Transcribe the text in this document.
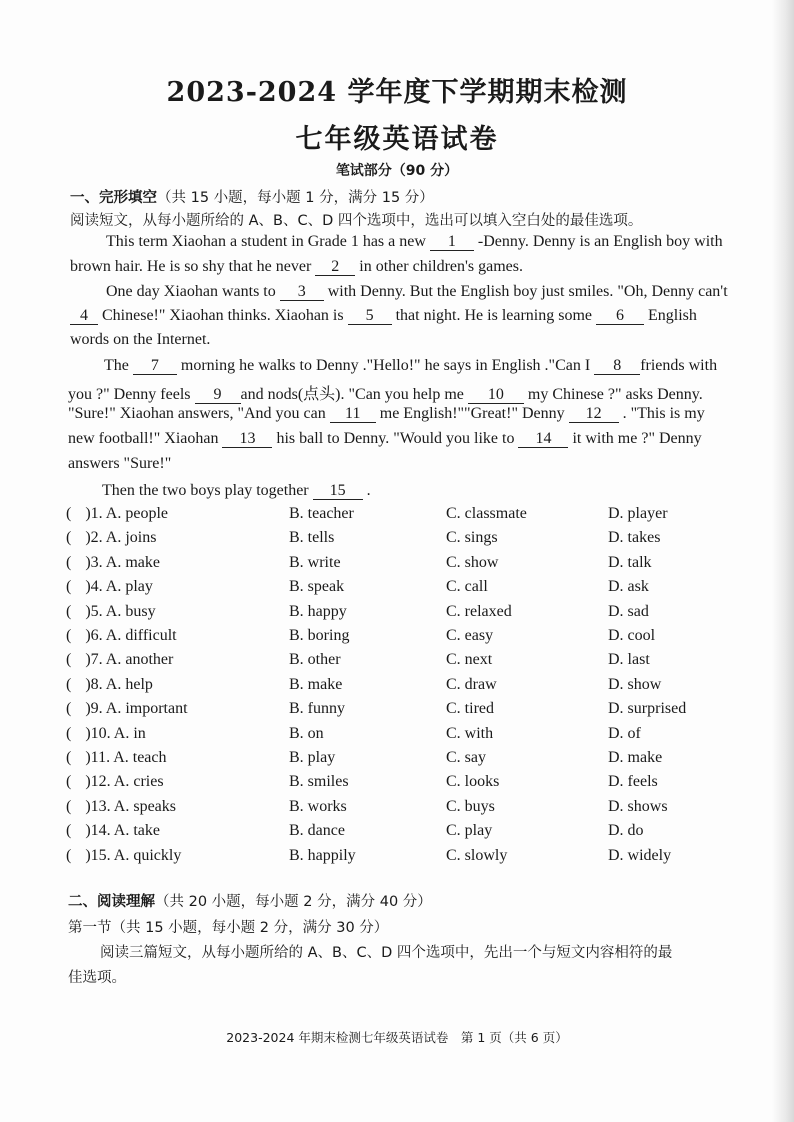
2023-2024 学年度下学期期末检测
七年级英语试卷
笔试部分（90 分）
一、完形填空（共 15 小题，每小题 1 分，满分 15 分）
阅读短文，从每小题所给的 A、B、C、D 四个选项中，选出可以填入空白处的最佳选项。
This term Xiaohan a student in Grade 1 has a new 1 -Denny. Denny is an English boy with
brown hair. He is so shy that he never 2 in other children's games.
One day Xiaohan wants to 3 with Denny. But the English boy just smiles. "Oh, Denny can't
4 Chinese!" Xiaohan thinks. Xiaohan is 5 that night. He is learning some 6 English
words on the Internet.
The 7 morning he walks to Denny ."Hello!" he says in English ."Can I 8 friends with
you ?" Denny feels 9 and nods(点头). "Can you help me 10 my Chinese ?" asks Denny.
"Sure!" Xiaohan answers, "And you can 11 me English!""Great!" Denny 12 . "This is my
new football!" Xiaohan 13 his ball to Denny. "Would you like to 14 it with me ?" Denny
answers "Sure!"
Then the two boys play together 15 .
( )1. A. people	B. teacher	C. classmate	D. player
( )2. A. joins	B. tells	C. sings	D. takes
( )3. A. make	B. write	C. show	D. talk
( )4. A. play	B. speak	C. call	D. ask
( )5. A. busy	B. happy	C. relaxed	D. sad
( )6. A. difficult	B. boring	C. easy	D. cool
( )7. A. another	B. other	C. next	D. last
( )8. A. help	B. make	C. draw	D. show
( )9. A. important	B. funny	C. tired	D. surprised
( )10. A. in	B. on	C. with	D. of
( )11. A. teach	B. play	C. say	D. make
( )12. A. cries	B. smiles	C. looks	D. feels
( )13. A. speaks	B. works	C. buys	D. shows
( )14. A. take	B. dance	C. play	D. do
( )15. A. quickly	B. happily	C. slowly	D. widely
二、阅读理解（共 20 小题，每小题 2 分，满分 40 分）
第一节（共 15 小题，每小题 2 分，满分 30 分）
阅读三篇短文，从每小题所给的 A、B、C、D 四个选项中，先出一个与短文内容相符的最
佳选项。
2023-2024 年期末检测七年级英语试卷　第 1 页（共 6 页）
